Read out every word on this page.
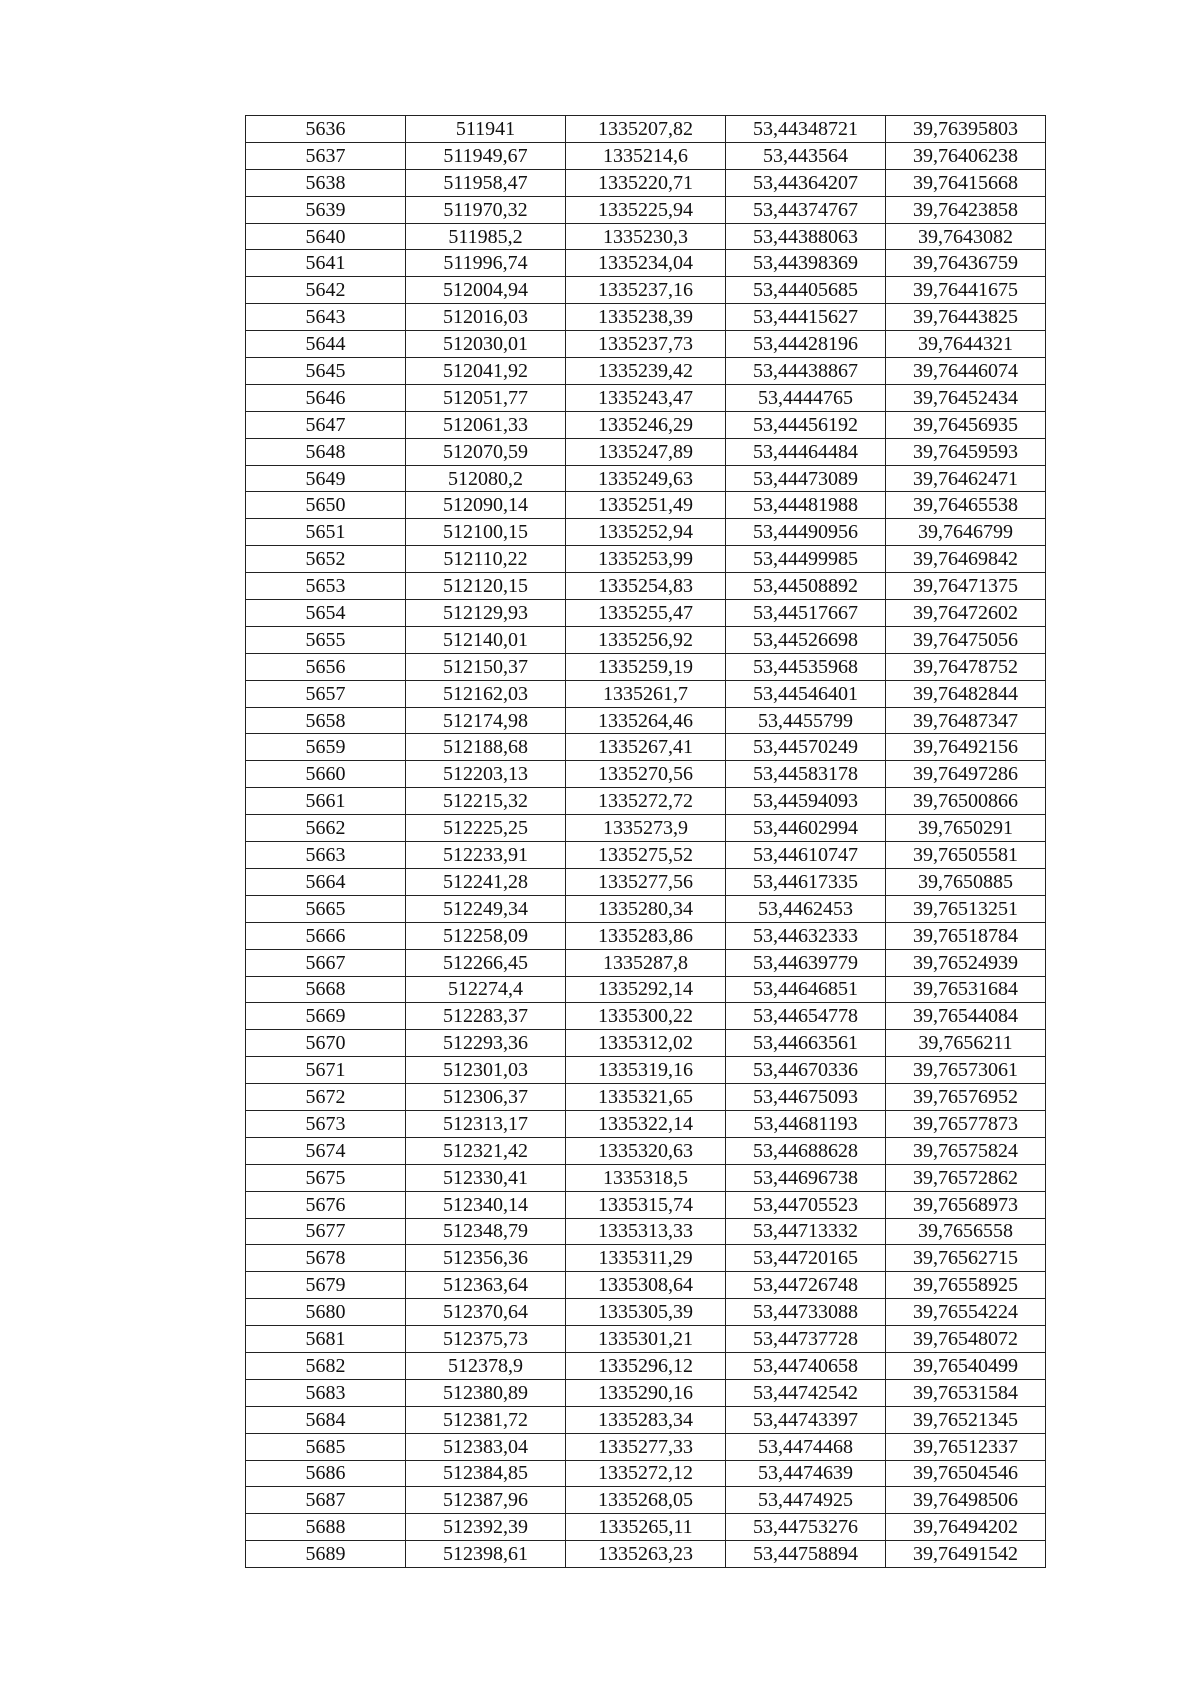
5636	511941	1335207,82	53,44348721	39,76395803
5637	511949,67	1335214,6	53,443564	39,76406238
5638	511958,47	1335220,71	53,44364207	39,76415668
5639	511970,32	1335225,94	53,44374767	39,76423858
5640	511985,2	1335230,3	53,44388063	39,7643082
5641	511996,74	1335234,04	53,44398369	39,76436759
5642	512004,94	1335237,16	53,44405685	39,76441675
5643	512016,03	1335238,39	53,44415627	39,76443825
5644	512030,01	1335237,73	53,44428196	39,7644321
5645	512041,92	1335239,42	53,44438867	39,76446074
5646	512051,77	1335243,47	53,4444765	39,76452434
5647	512061,33	1335246,29	53,44456192	39,76456935
5648	512070,59	1335247,89	53,44464484	39,76459593
5649	512080,2	1335249,63	53,44473089	39,76462471
5650	512090,14	1335251,49	53,44481988	39,76465538
5651	512100,15	1335252,94	53,44490956	39,7646799
5652	512110,22	1335253,99	53,44499985	39,76469842
5653	512120,15	1335254,83	53,44508892	39,76471375
5654	512129,93	1335255,47	53,44517667	39,76472602
5655	512140,01	1335256,92	53,44526698	39,76475056
5656	512150,37	1335259,19	53,44535968	39,76478752
5657	512162,03	1335261,7	53,44546401	39,76482844
5658	512174,98	1335264,46	53,4455799	39,76487347
5659	512188,68	1335267,41	53,44570249	39,76492156
5660	512203,13	1335270,56	53,44583178	39,76497286
5661	512215,32	1335272,72	53,44594093	39,76500866
5662	512225,25	1335273,9	53,44602994	39,7650291
5663	512233,91	1335275,52	53,44610747	39,76505581
5664	512241,28	1335277,56	53,44617335	39,7650885
5665	512249,34	1335280,34	53,4462453	39,76513251
5666	512258,09	1335283,86	53,44632333	39,76518784
5667	512266,45	1335287,8	53,44639779	39,76524939
5668	512274,4	1335292,14	53,44646851	39,76531684
5669	512283,37	1335300,22	53,44654778	39,76544084
5670	512293,36	1335312,02	53,44663561	39,7656211
5671	512301,03	1335319,16	53,44670336	39,76573061
5672	512306,37	1335321,65	53,44675093	39,76576952
5673	512313,17	1335322,14	53,44681193	39,76577873
5674	512321,42	1335320,63	53,44688628	39,76575824
5675	512330,41	1335318,5	53,44696738	39,76572862
5676	512340,14	1335315,74	53,44705523	39,76568973
5677	512348,79	1335313,33	53,44713332	39,7656558
5678	512356,36	1335311,29	53,44720165	39,76562715
5679	512363,64	1335308,64	53,44726748	39,76558925
5680	512370,64	1335305,39	53,44733088	39,76554224
5681	512375,73	1335301,21	53,44737728	39,76548072
5682	512378,9	1335296,12	53,44740658	39,76540499
5683	512380,89	1335290,16	53,44742542	39,76531584
5684	512381,72	1335283,34	53,44743397	39,76521345
5685	512383,04	1335277,33	53,4474468	39,76512337
5686	512384,85	1335272,12	53,4474639	39,76504546
5687	512387,96	1335268,05	53,4474925	39,76498506
5688	512392,39	1335265,11	53,44753276	39,76494202
5689	512398,61	1335263,23	53,44758894	39,76491542
